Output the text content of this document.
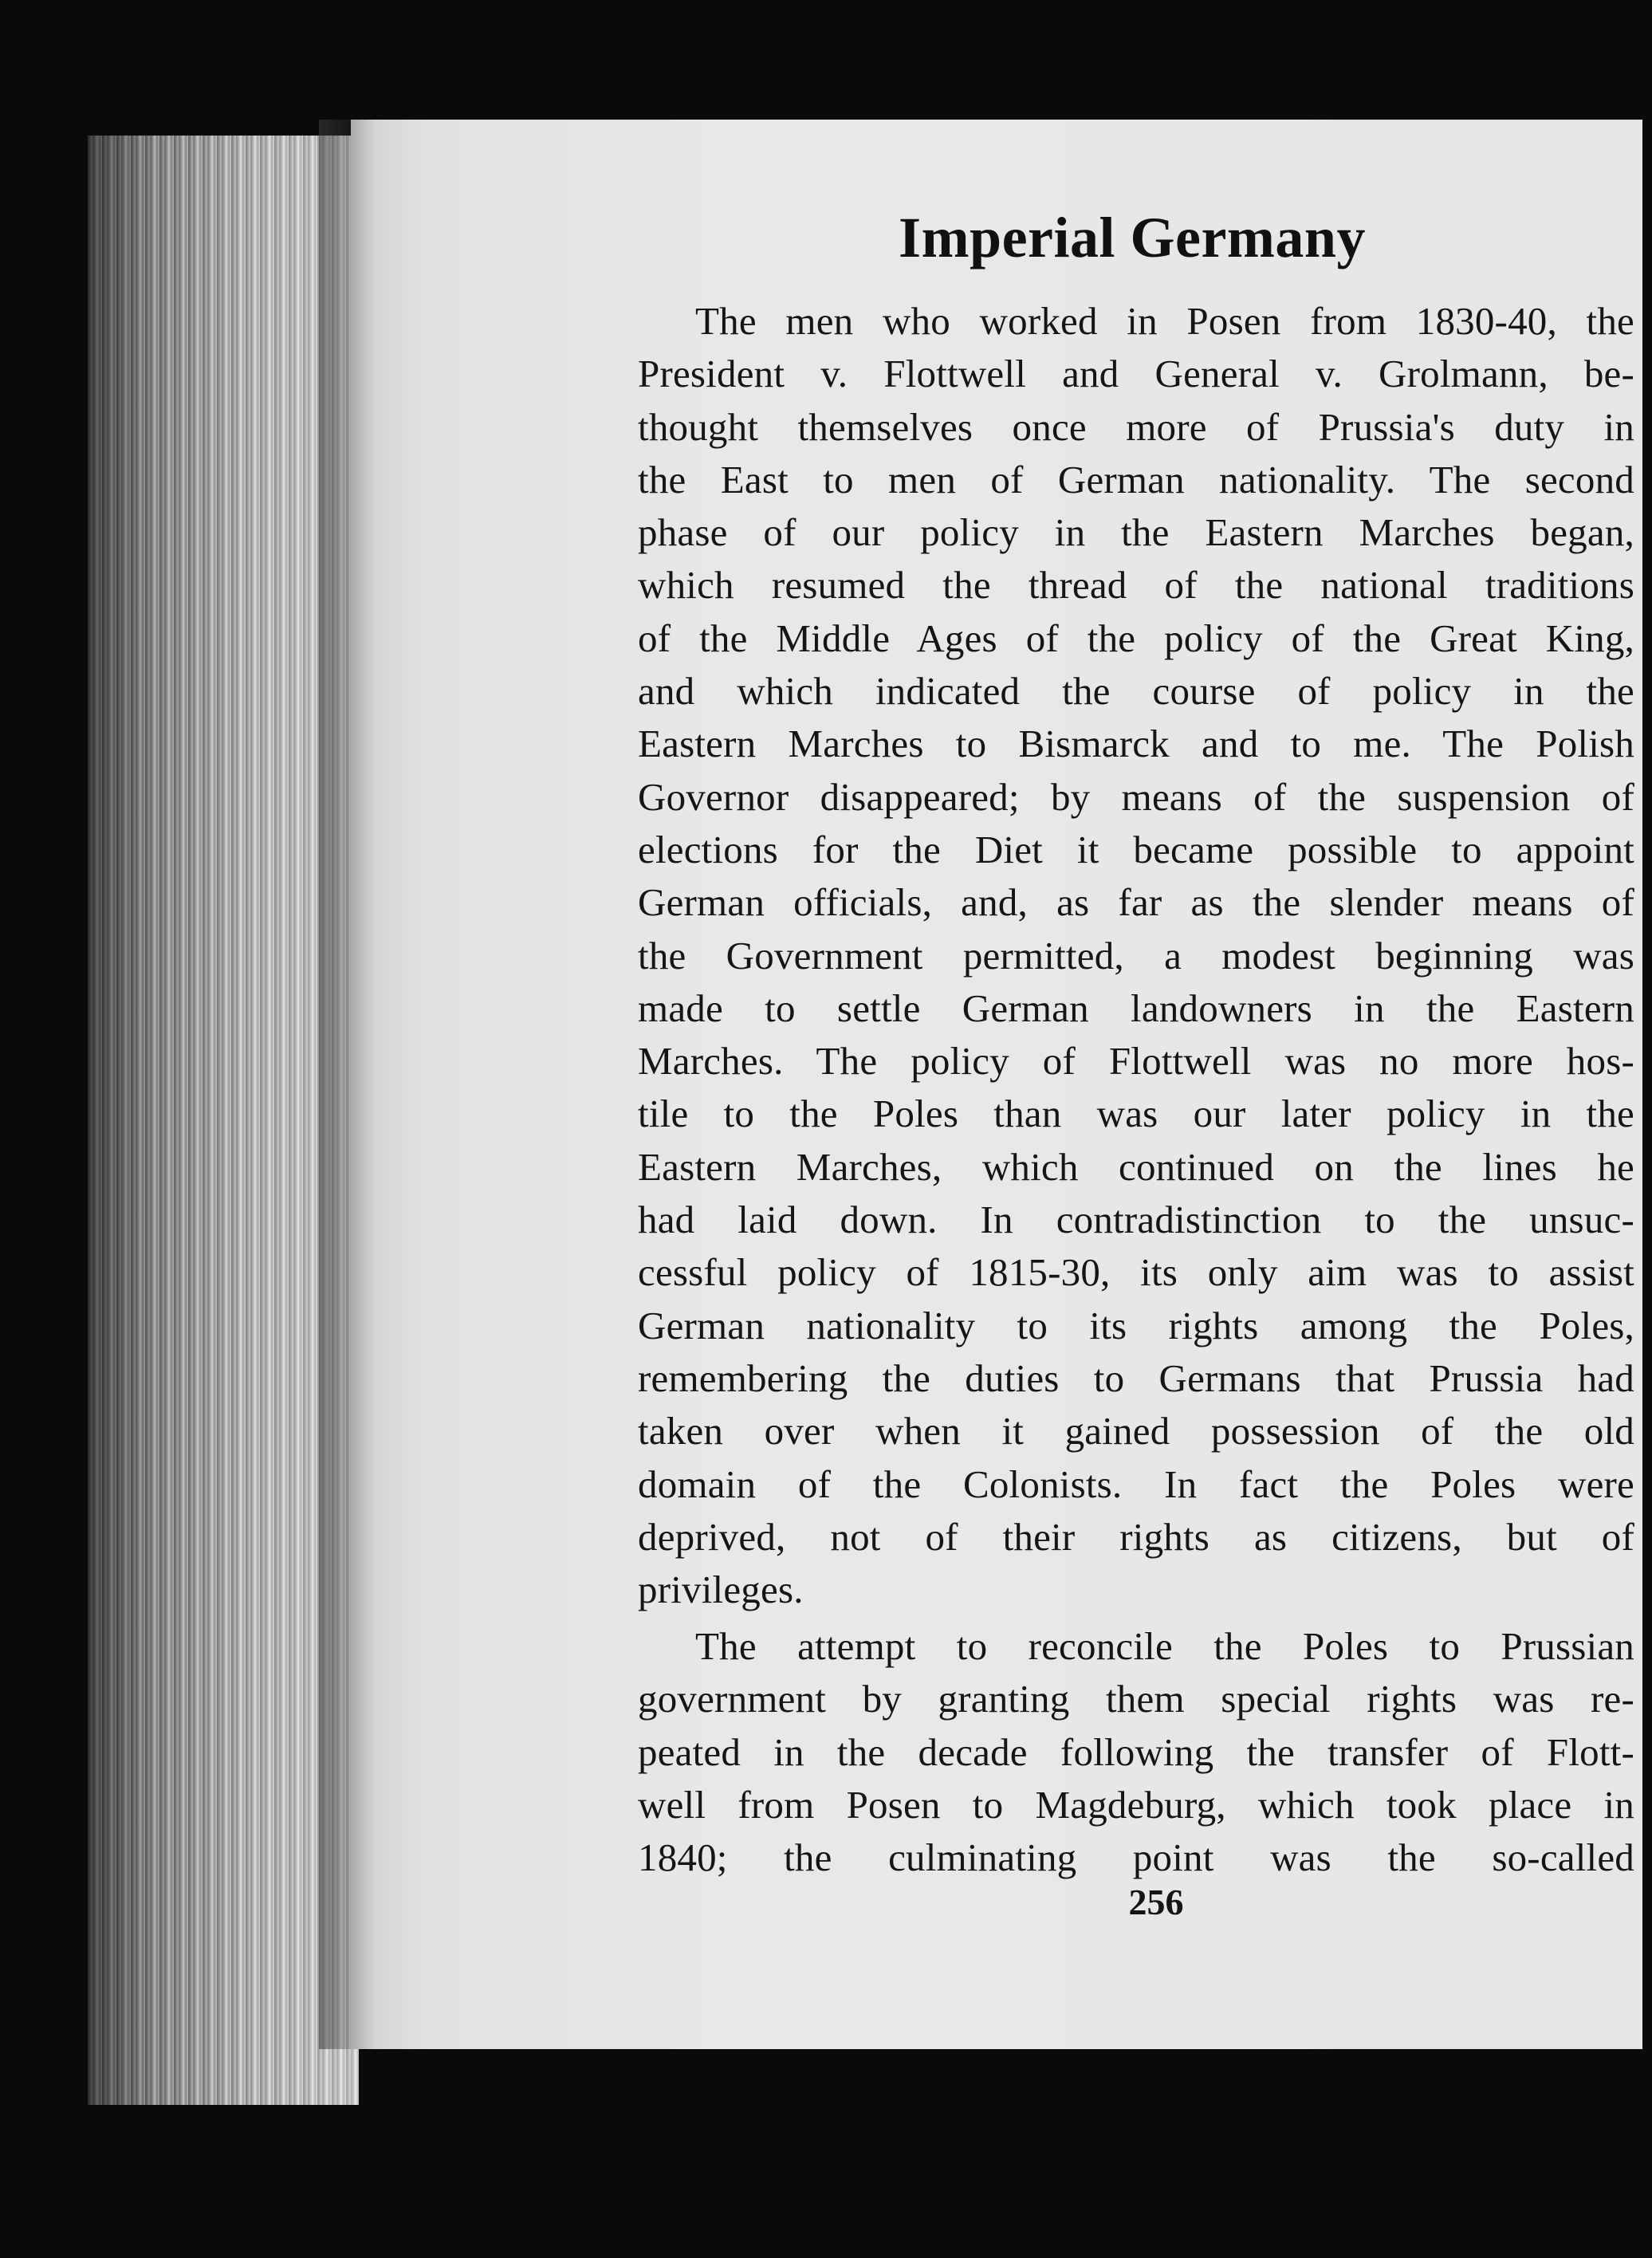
Imperial Germany
The men who worked in Posen from 1830-40, the
President v. Flottwell and General v. Grolmann, be-
thought themselves once more of Prussia's duty in
the East to men of German nationality. The second
phase of our policy in the Eastern Marches began,
which resumed the thread of the national traditions
of the Middle Ages of the policy of the Great King,
and which indicated the course of policy in the
Eastern Marches to Bismarck and to me. The Polish
Governor disappeared; by means of the suspension of
elections for the Diet it became possible to appoint
German officials, and, as far as the slender means of
the Government permitted, a modest beginning was
made to settle German landowners in the Eastern
Marches. The policy of Flottwell was no more hos-
tile to the Poles than was our later policy in the
Eastern Marches, which continued on the lines he
had laid down. In contradistinction to the unsuc-
cessful policy of 1815-30, its only aim was to assist
German nationality to its rights among the Poles,
remembering the duties to Germans that Prussia had
taken over when it gained possession of the old
domain of the Colonists. In fact the Poles were
deprived, not of their rights as citizens, but of
privileges.
The attempt to reconcile the Poles to Prussian
government by granting them special rights was re-
peated in the decade following the transfer of Flott-
well from Posen to Magdeburg, which took place in
1840; the culminating point was the so-called
256
